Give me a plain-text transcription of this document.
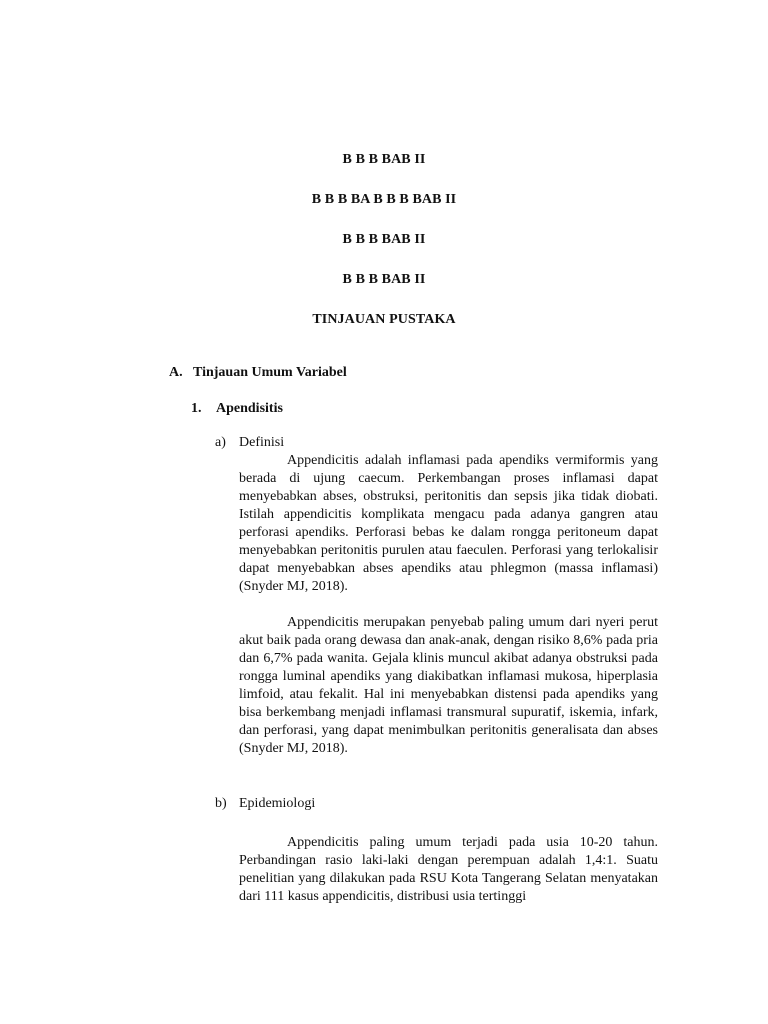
B B B BAB II
B B B BA B B B BAB II
B B B BAB II
B B B BAB II
TINJAUAN PUSTAKA
A. Tinjauan Umum Variabel
1. Apendisitis
a) Definisi

Appendicitis adalah inflamasi pada apendiks vermiformis yang berada di ujung caecum. Perkembangan proses inflamasi dapat menyebabkan abses, obstruksi, peritonitis dan sepsis jika tidak diobati. Istilah appendicitis komplikata mengacu pada adanya gangren atau perforasi apendiks. Perforasi bebas ke dalam rongga peritoneum dapat menyebabkan peritonitis purulen atau faeculen. Perforasi yang terlokalisir dapat menyebabkan abses apendiks atau phlegmon (massa inflamasi) (Snyder MJ, 2018).

Appendicitis merupakan penyebab paling umum dari nyeri perut akut baik pada orang dewasa dan anak-anak, dengan risiko 8,6% pada pria dan 6,7% pada wanita. Gejala klinis muncul akibat adanya obstruksi pada rongga luminal apendiks yang diakibatkan inflamasi mukosa, hiperplasia limfoid, atau fekalit. Hal ini menyebabkan distensi pada apendiks yang bisa berkembang menjadi inflamasi transmural supuratif, iskemia, infark, dan perforasi, yang dapat menimbulkan peritonitis generalisata dan abses (Snyder MJ, 2018).

b) Epidemiologi

Appendicitis paling umum terjadi pada usia 10-20 tahun. Perbandingan rasio laki-laki dengan perempuan adalah 1,4:1. Suatu penelitian yang dilakukan pada RSU Kota Tangerang Selatan menyatakan dari 111 kasus appendicitis, distribusi usia tertinggi
